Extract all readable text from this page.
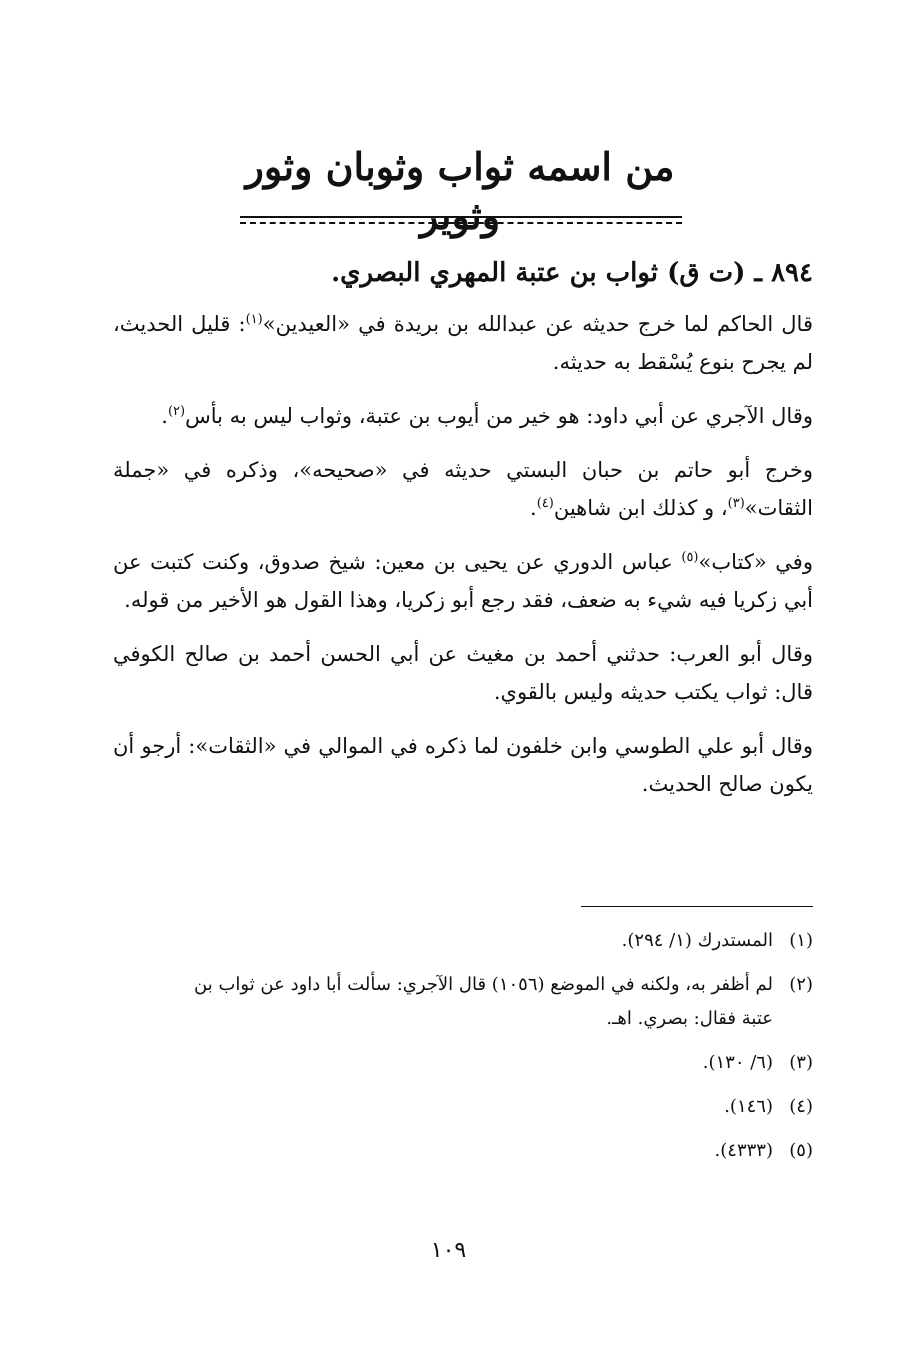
من اسمه ثواب وثوبان وثور وثوير
٨٩٤ ـ (ت ق) ثواب بن عتبة المهري البصري.

قال الحاكم لما خرج حديثه عن عبدالله بن بريدة في «العيدين»$^{(١)}$: قليل الحديث، لم يجرح بنوع يُسْقط به حديثه.

وقال الآجري عن أبي داود: هو خير من أيوب بن عتبة، وثواب ليس به بأس$^{(٢)}$.

وخرج أبو حاتم بن حبان البستي حديثه في «صحيحه»، وذكره في «جملة الثقات»$^{(٣)}$، و كذلك ابن شاهين$^{(٤)}$.

وفي «كتاب»$^{(٥)}$ عباس الدوري عن يحيى بن معين: شيخ صدوق، وكنت كتبت عن أبي زكريا فيه شيء به ضعف، فقد رجع أبو زكريا، وهذا القول هو الأخير من قوله.

وقال أبو العرب: حدثني أحمد بن مغيث عن أبي الحسن أحمد بن صالح الكوفي قال: ثواب يكتب حديثه وليس بالقوي.

وقال أبو علي الطوسي وابن خلفون لما ذكره في الموالي في «الثقات»: أرجو أن يكون صالح الحديث.

(١)المستدرك (١/ ٢٩٤).
(٢)لم أظفر به، ولكنه في الموضع (١٠٥٦) قال الآجري: سألت أبا داود عن ثواب بن
عتبة فقال: بصري. اهـ.
(٣)(٦/ ١٣٠).
(٤)(١٤٦).
(٥)(٤٣٣٣).
١٠٩
